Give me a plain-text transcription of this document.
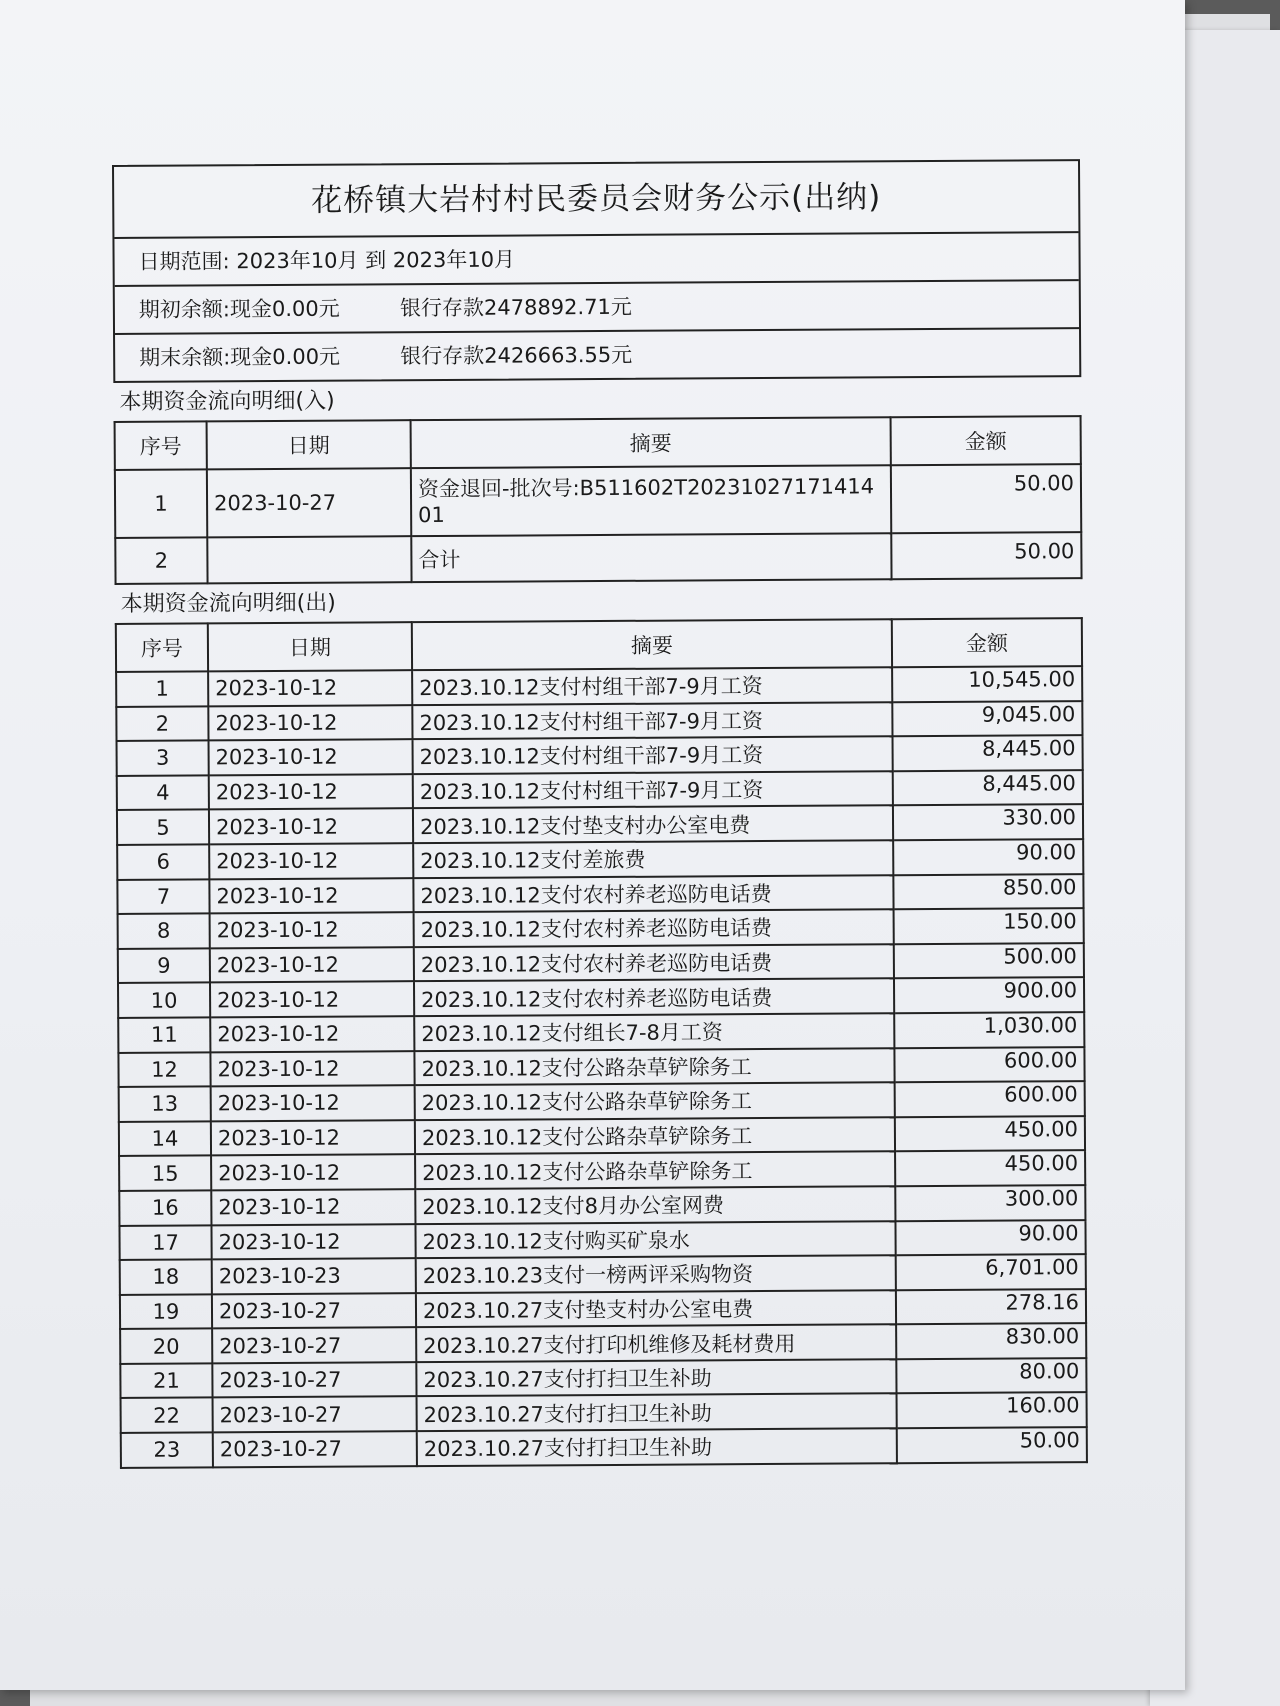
花桥镇大岩村村民委员会财务公示(出纳)
日期范围: 2023年10月 到 2023年10月
期初余额:现金0.00元	银行存款2478892.71元
期末余额:现金0.00元	银行存款2426663.55元
本期资金流向明细(入)
序号	日期	摘要	金额
1	2023-10-27	资金退回-批次号:B511602T2023102717141401	50.00
2		合计	50.00
本期资金流向明细(出)
序号	日期	摘要	金额
1	2023-10-12	2023.10.12支付村组干部7-9月工资	10,545.00
2	2023-10-12	2023.10.12支付村组干部7-9月工资	9,045.00
3	2023-10-12	2023.10.12支付村组干部7-9月工资	8,445.00
4	2023-10-12	2023.10.12支付村组干部7-9月工资	8,445.00
5	2023-10-12	2023.10.12支付垫支村办公室电费	330.00
6	2023-10-12	2023.10.12支付差旅费	90.00
7	2023-10-12	2023.10.12支付农村养老巡防电话费	850.00
8	2023-10-12	2023.10.12支付农村养老巡防电话费	150.00
9	2023-10-12	2023.10.12支付农村养老巡防电话费	500.00
10	2023-10-12	2023.10.12支付农村养老巡防电话费	900.00
11	2023-10-12	2023.10.12支付组长7-8月工资	1,030.00
12	2023-10-12	2023.10.12支付公路杂草铲除务工	600.00
13	2023-10-12	2023.10.12支付公路杂草铲除务工	600.00
14	2023-10-12	2023.10.12支付公路杂草铲除务工	450.00
15	2023-10-12	2023.10.12支付公路杂草铲除务工	450.00
16	2023-10-12	2023.10.12支付8月办公室网费	300.00
17	2023-10-12	2023.10.12支付购买矿泉水	90.00
18	2023-10-23	2023.10.23支付一榜两评采购物资	6,701.00
19	2023-10-27	2023.10.27支付垫支村办公室电费	278.16
20	2023-10-27	2023.10.27支付打印机维修及耗材费用	830.00
21	2023-10-27	2023.10.27支付打扫卫生补助	80.00
22	2023-10-27	2023.10.27支付打扫卫生补助	160.00
23	2023-10-27	2023.10.27支付打扫卫生补助	50.00
